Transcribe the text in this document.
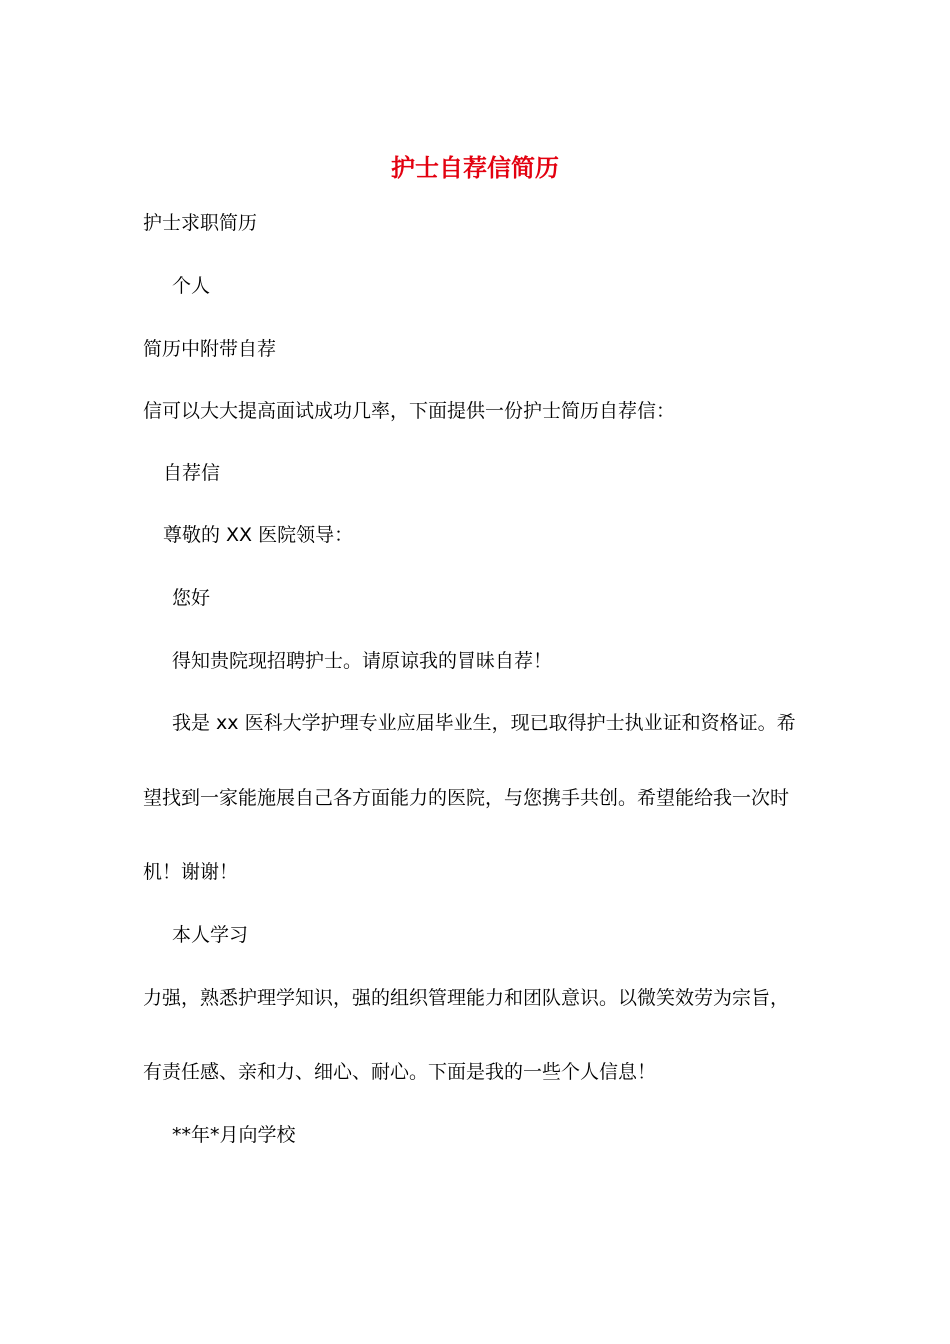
护士自荐信简历
护士求职简历
个人
简历中附带自荐
信可以大大提高面试成功几率，下面提供一份护士简历自荐信：
自荐信
尊敬的 XX 医院领导：
您好
得知贵院现招聘护士。请原谅我的冒昧自荐！
我是 xx 医科大学护理专业应届毕业生，现已取得护士执业证和资格证。希
望找到一家能施展自己各方面能力的医院，与您携手共创。希望能给我一次时
机！谢谢！
本人学习
力强，熟悉护理学知识，强的组织管理能力和团队意识。以微笑效劳为宗旨，
有责任感、亲和力、细心、耐心。下面是我的一些个人信息！
**年*月向学校
